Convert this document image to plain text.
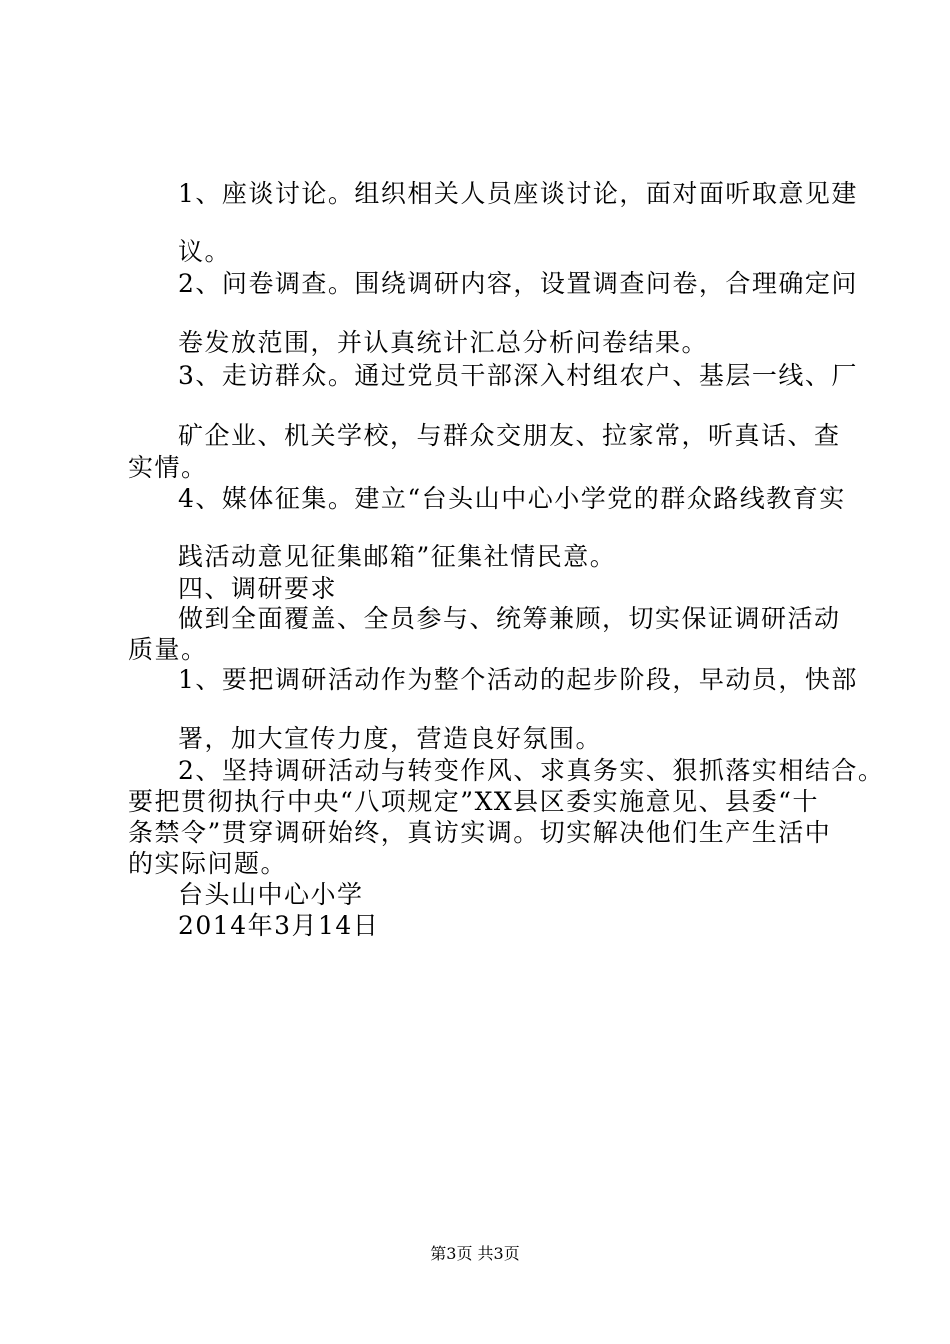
1、座谈讨论。组织相关人员座谈讨论，面对面听取意见建
议。
2、问卷调查。围绕调研内容，设置调查问卷，合理确定问
卷发放范围，并认真统计汇总分析问卷结果。
3、走访群众。通过党员干部深入村组农户、基层一线、厂
矿企业、机关学校，与群众交朋友、拉家常，听真话、查
实情。
4、媒体征集。建立“台头山中心小学党的群众路线教育实
践活动意见征集邮箱”征集社情民意。
四、调研要求
做到全面覆盖、全员参与、统筹兼顾，切实保证调研活动
质量。
1、要把调研活动作为整个活动的起步阶段，早动员，快部
署，加大宣传力度，营造良好氛围。
2、坚持调研活动与转变作风、求真务实、狠抓落实相结合。
要把贯彻执行中央“八项规定”XX县区委实施意见、县委“十
条禁令”贯穿调研始终，真访实调。切实解决他们生产生活中
的实际问题。
台头山中心小学
2014年3月14日
第3页 共3页
